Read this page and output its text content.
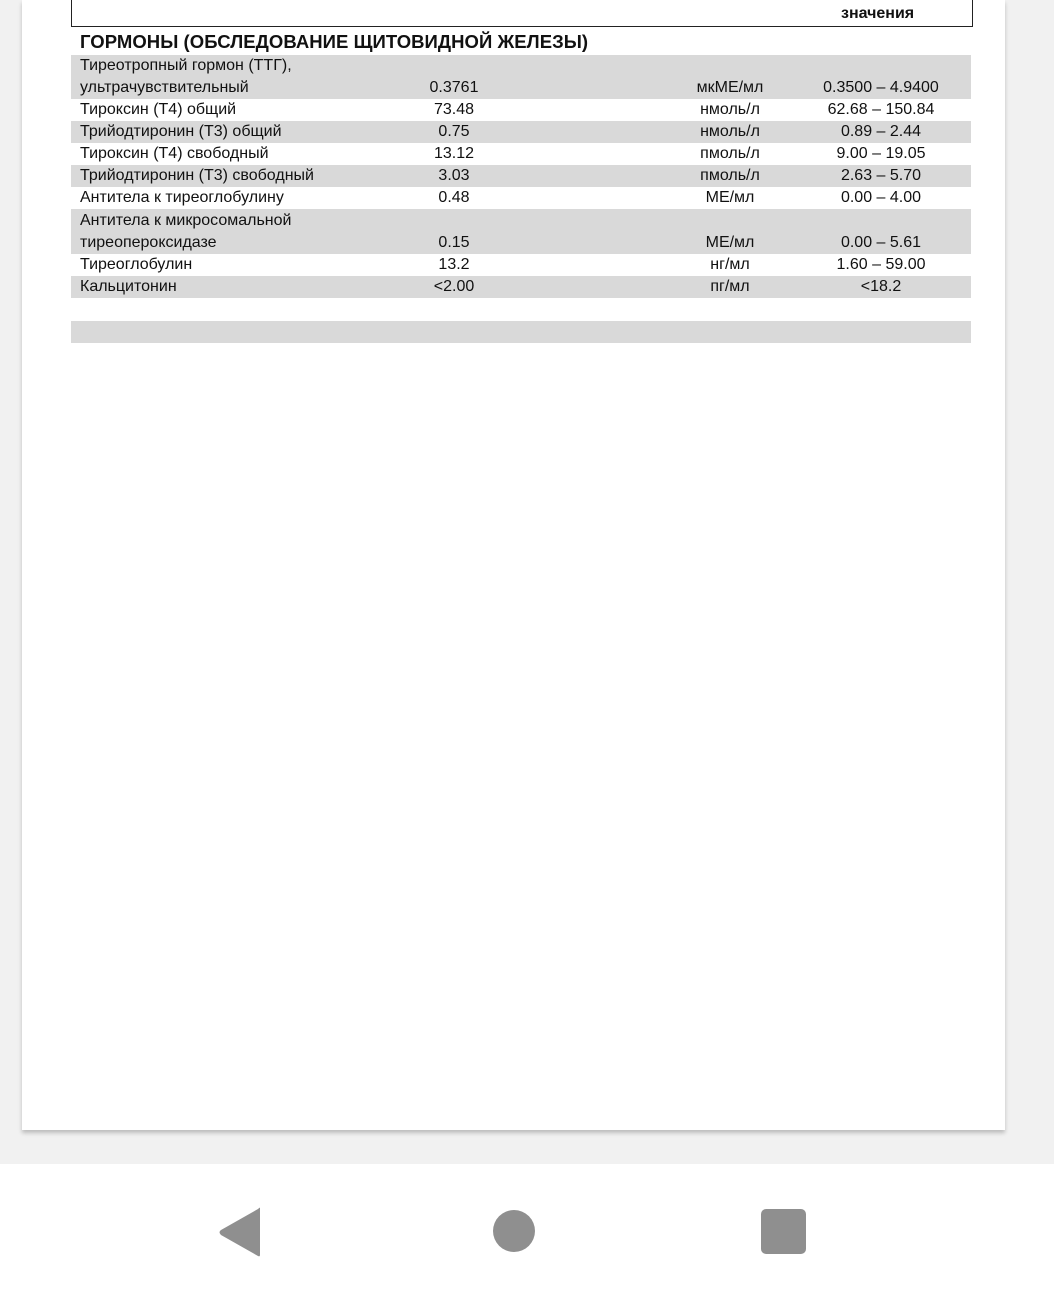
значения
ГОРМОНЫ (ОБСЛЕДОВАНИЕ ЩИТОВИДНОЙ ЖЕЛЕЗЫ)
Тиреотропный гормон (ТТГ),
ультрачувствительный	0.3761	мкМЕ/мл	0.3500 – 4.9400
Тироксин (Т4) общий	73.48	нмоль/л	62.68 – 150.84
Трийодтиронин (Т3) общий	0.75	нмоль/л	0.89 – 2.44
Тироксин (Т4) свободный	13.12	пмоль/л	9.00 – 19.05
Трийодтиронин (Т3) свободный	3.03	пмоль/л	2.63 – 5.70
Антитела к тиреоглобулину	0.48	МЕ/мл	0.00 – 4.00
Антитела к микросомальной
тиреопероксидазе	0.15	МЕ/мл	0.00 – 5.61
Тиреоглобулин	13.2	нг/мл	1.60 – 59.00
Кальцитонин	<2.00	пг/мл	<18.2
